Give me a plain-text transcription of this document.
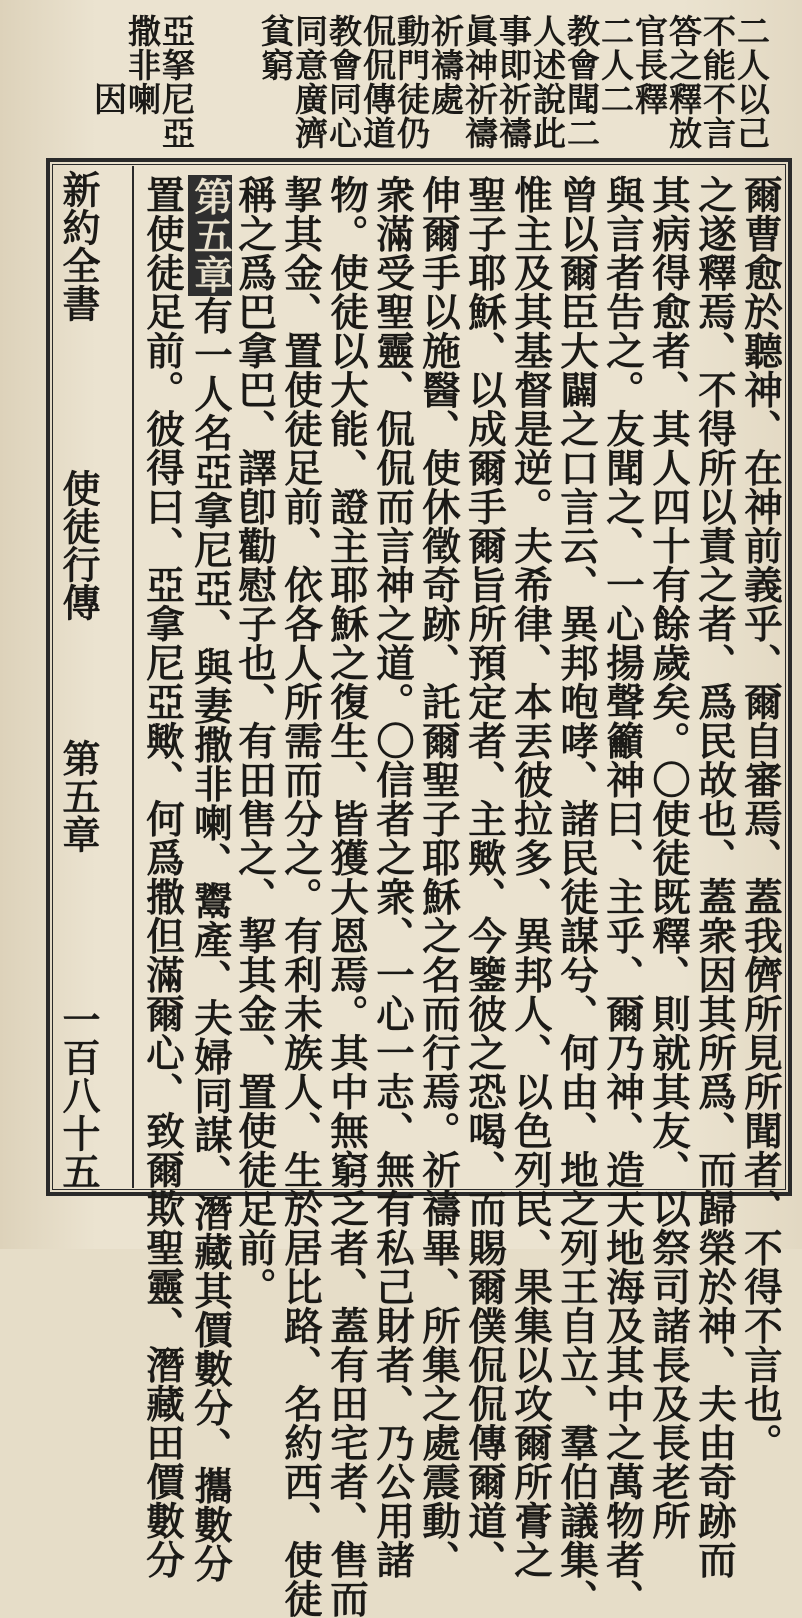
二人以己
不能不言
答之釋放
官長釋
二人二
教會聞二
人述說此
事即祈禱
眞神祈禱
祈禱處
動門徒仍
侃侃傳道
教會同心
同意廣濟
貧窮
亞拏尼亞
撒非喇
因
爾曹愈於聽神、在神前義乎、爾自審焉、蓋我儕所見所聞者、不得不言也。
之遂釋焉、不得所以責之者、爲民故也、蓋衆因其所爲、而歸榮於神、夫由奇跡而
其病得愈者、其人四十有餘歲矣。〇使徒既釋、則就其友、以祭司諸長及長老所
與言者告之。友聞之、一心揚聲籲神曰、主乎、爾乃神、造天地海及其中之萬物者、
曾以爾臣大闢之口言云、異邦咆哮、諸民徒謀兮、何由、地之列王自立、羣伯議集、
惟主及其基督是逆。夫希律、本丟彼拉多、異邦人、以色列民、果集以攻爾所膏之
聖子耶穌、以成爾手爾旨所預定者、主歟、今鑒彼之恐喝、而賜爾僕侃侃傳爾道、
伸爾手以施醫、使休徵奇跡、託爾聖子耶穌之名而行焉。祈禱畢、所集之處震動、
衆滿受聖靈、侃侃而言神之道。〇信者之衆、一心一志、無有私己財者、乃公用諸
物。使徒以大能、證主耶穌之復生、皆獲大恩焉。其中無窮乏者、蓋有田宅者、售而
挈其金、置使徒足前、依各人所需而分之。有利未族人、生於居比路、名約西、使徒
稱之爲巴拿巴、譯卽勸慰子也、有田售之、挈其金、置使徒足前。
第五章有一人名亞拿尼亞、與妻撒非喇、鬻產、夫婦同謀、潛藏其價數分、攜數分
置使徒足前。彼得曰、亞拿尼亞歟、何爲撒但滿爾心、致爾欺聖靈、潛藏田價數分
新約全書
使徒行傳
第五章
一百八十五
